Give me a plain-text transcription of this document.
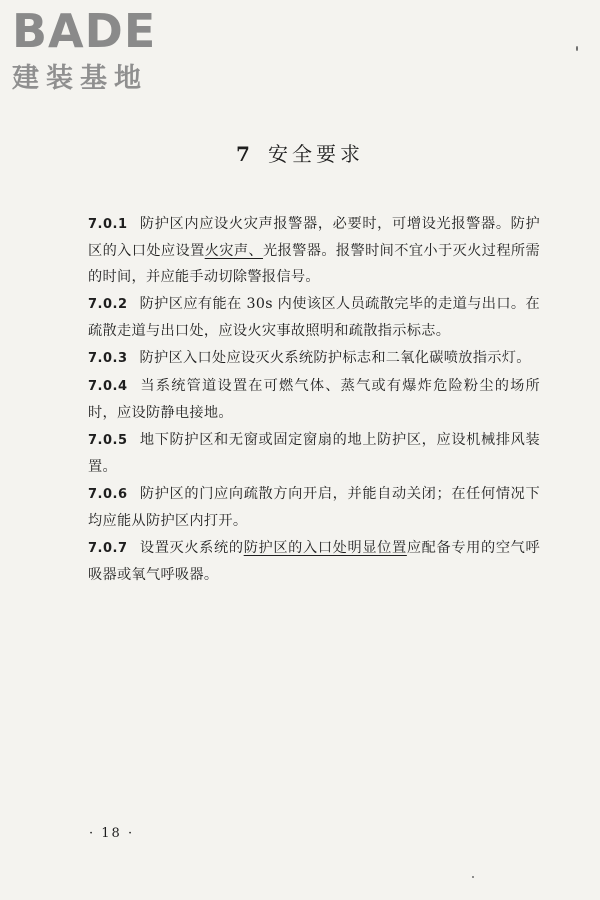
BADE
建装基地
7 安全要求

7.0.1 防护区内应设火灾声报警器，必要时，可增设光报警器。防护区的入口处应设置火灾声、光报警器。报警时间不宜小于灭火过程所需的时间，并应能手动切除警报信号。

7.0.2 防护区应有能在 30s 内使该区人员疏散完毕的走道与出口。在疏散走道与出口处，应设火灾事故照明和疏散指示标志。

7.0.3 防护区入口处应设灭火系统防护标志和二氧化碳喷放指示灯。

7.0.4 当系统管道设置在可燃气体、蒸气或有爆炸危险粉尘的场所时，应设防静电接地。

7.0.5 地下防护区和无窗或固定窗扇的地上防护区，应设机械排风装置。

7.0.6 防护区的门应向疏散方向开启，并能自动关闭；在任何情况下均应能从防护区内打开。

7.0.7 设置灭火系统的防护区的入口处明显位置应配备专用的空气呼吸器或氧气呼吸器。

· 18 ·
